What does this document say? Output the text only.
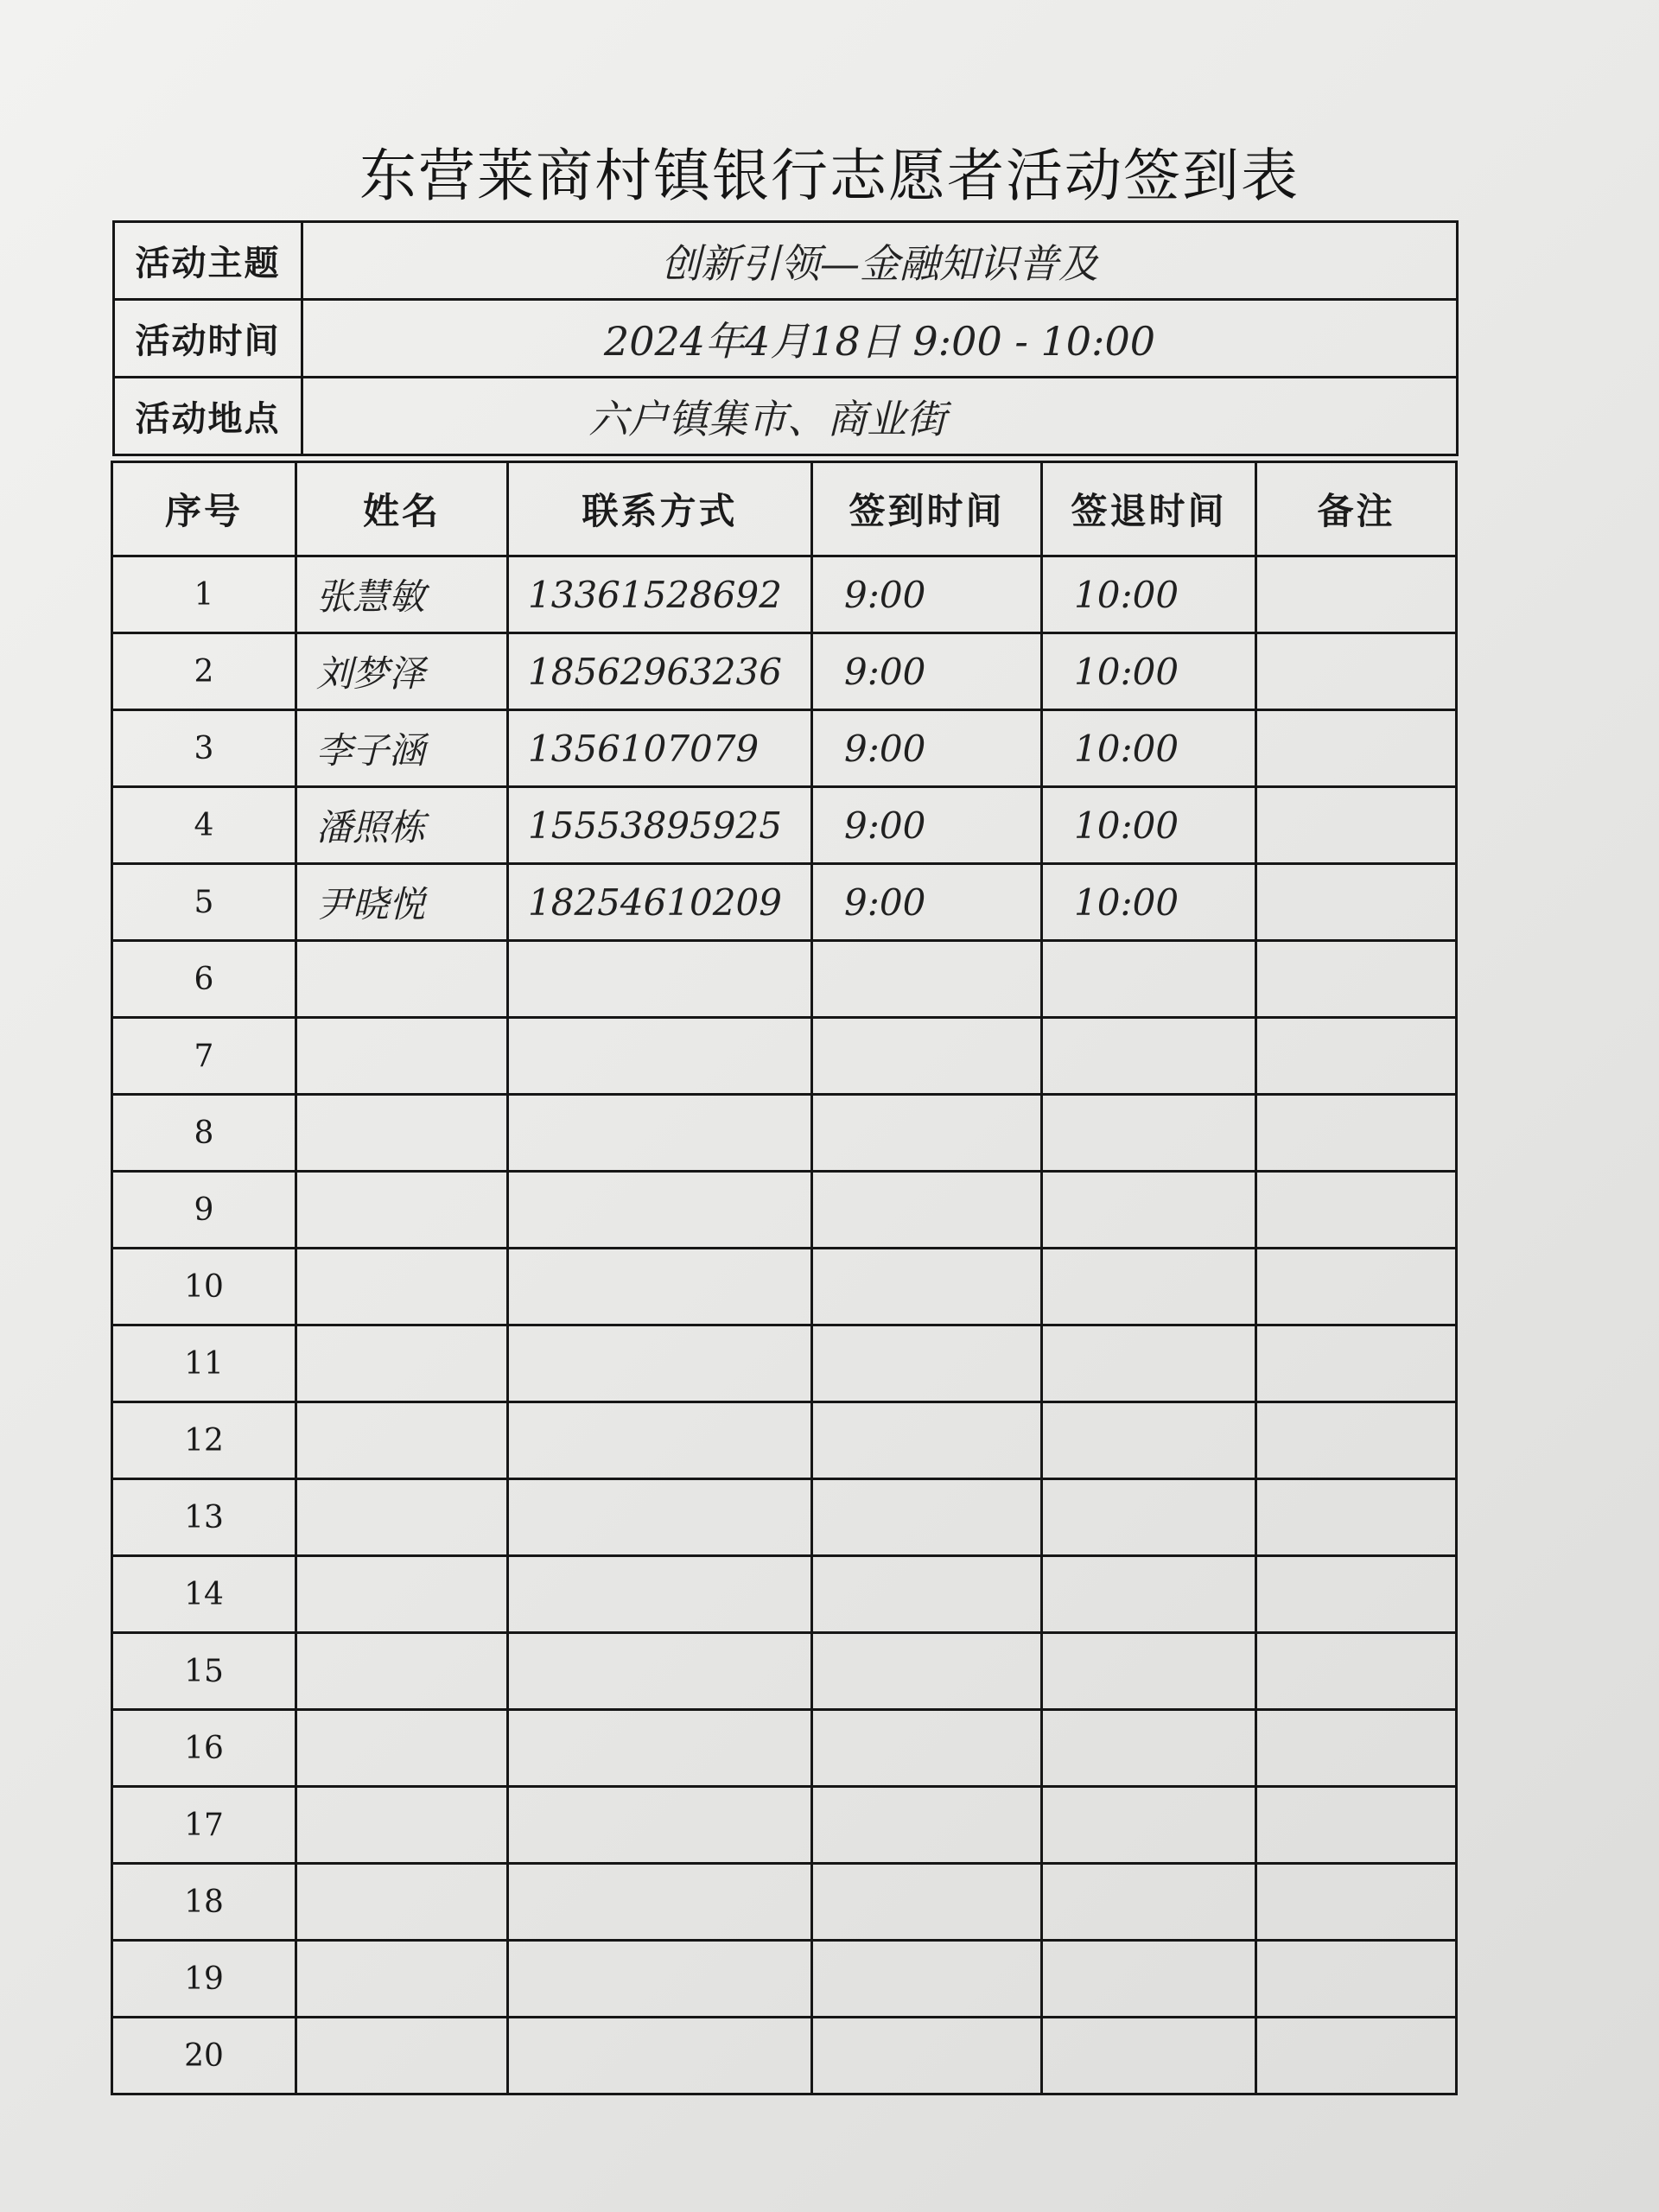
东营莱商村镇银行志愿者活动签到表
活动主题	创新引领—金融知识普及

活动时间	2024年4月18日 9:00 - 10:00

活动地点	六户镇集市、商业街
序号	姓名	联系方式	签到时间	签退时间	备注
1	张慧敏	13361528692	9:00	10:00	
2	刘梦泽	18562963236	9:00	10:00	
3	李子涵	1356107079	9:00	10:00	
4	潘照栋	15553895925	9:00	10:00	
5	尹晓悦	18254610209	9:00	10:00	
6					
7					
8					
9					
10					
11					
12					
13					
14					
15					
16					
17					
18					
19					
20					
